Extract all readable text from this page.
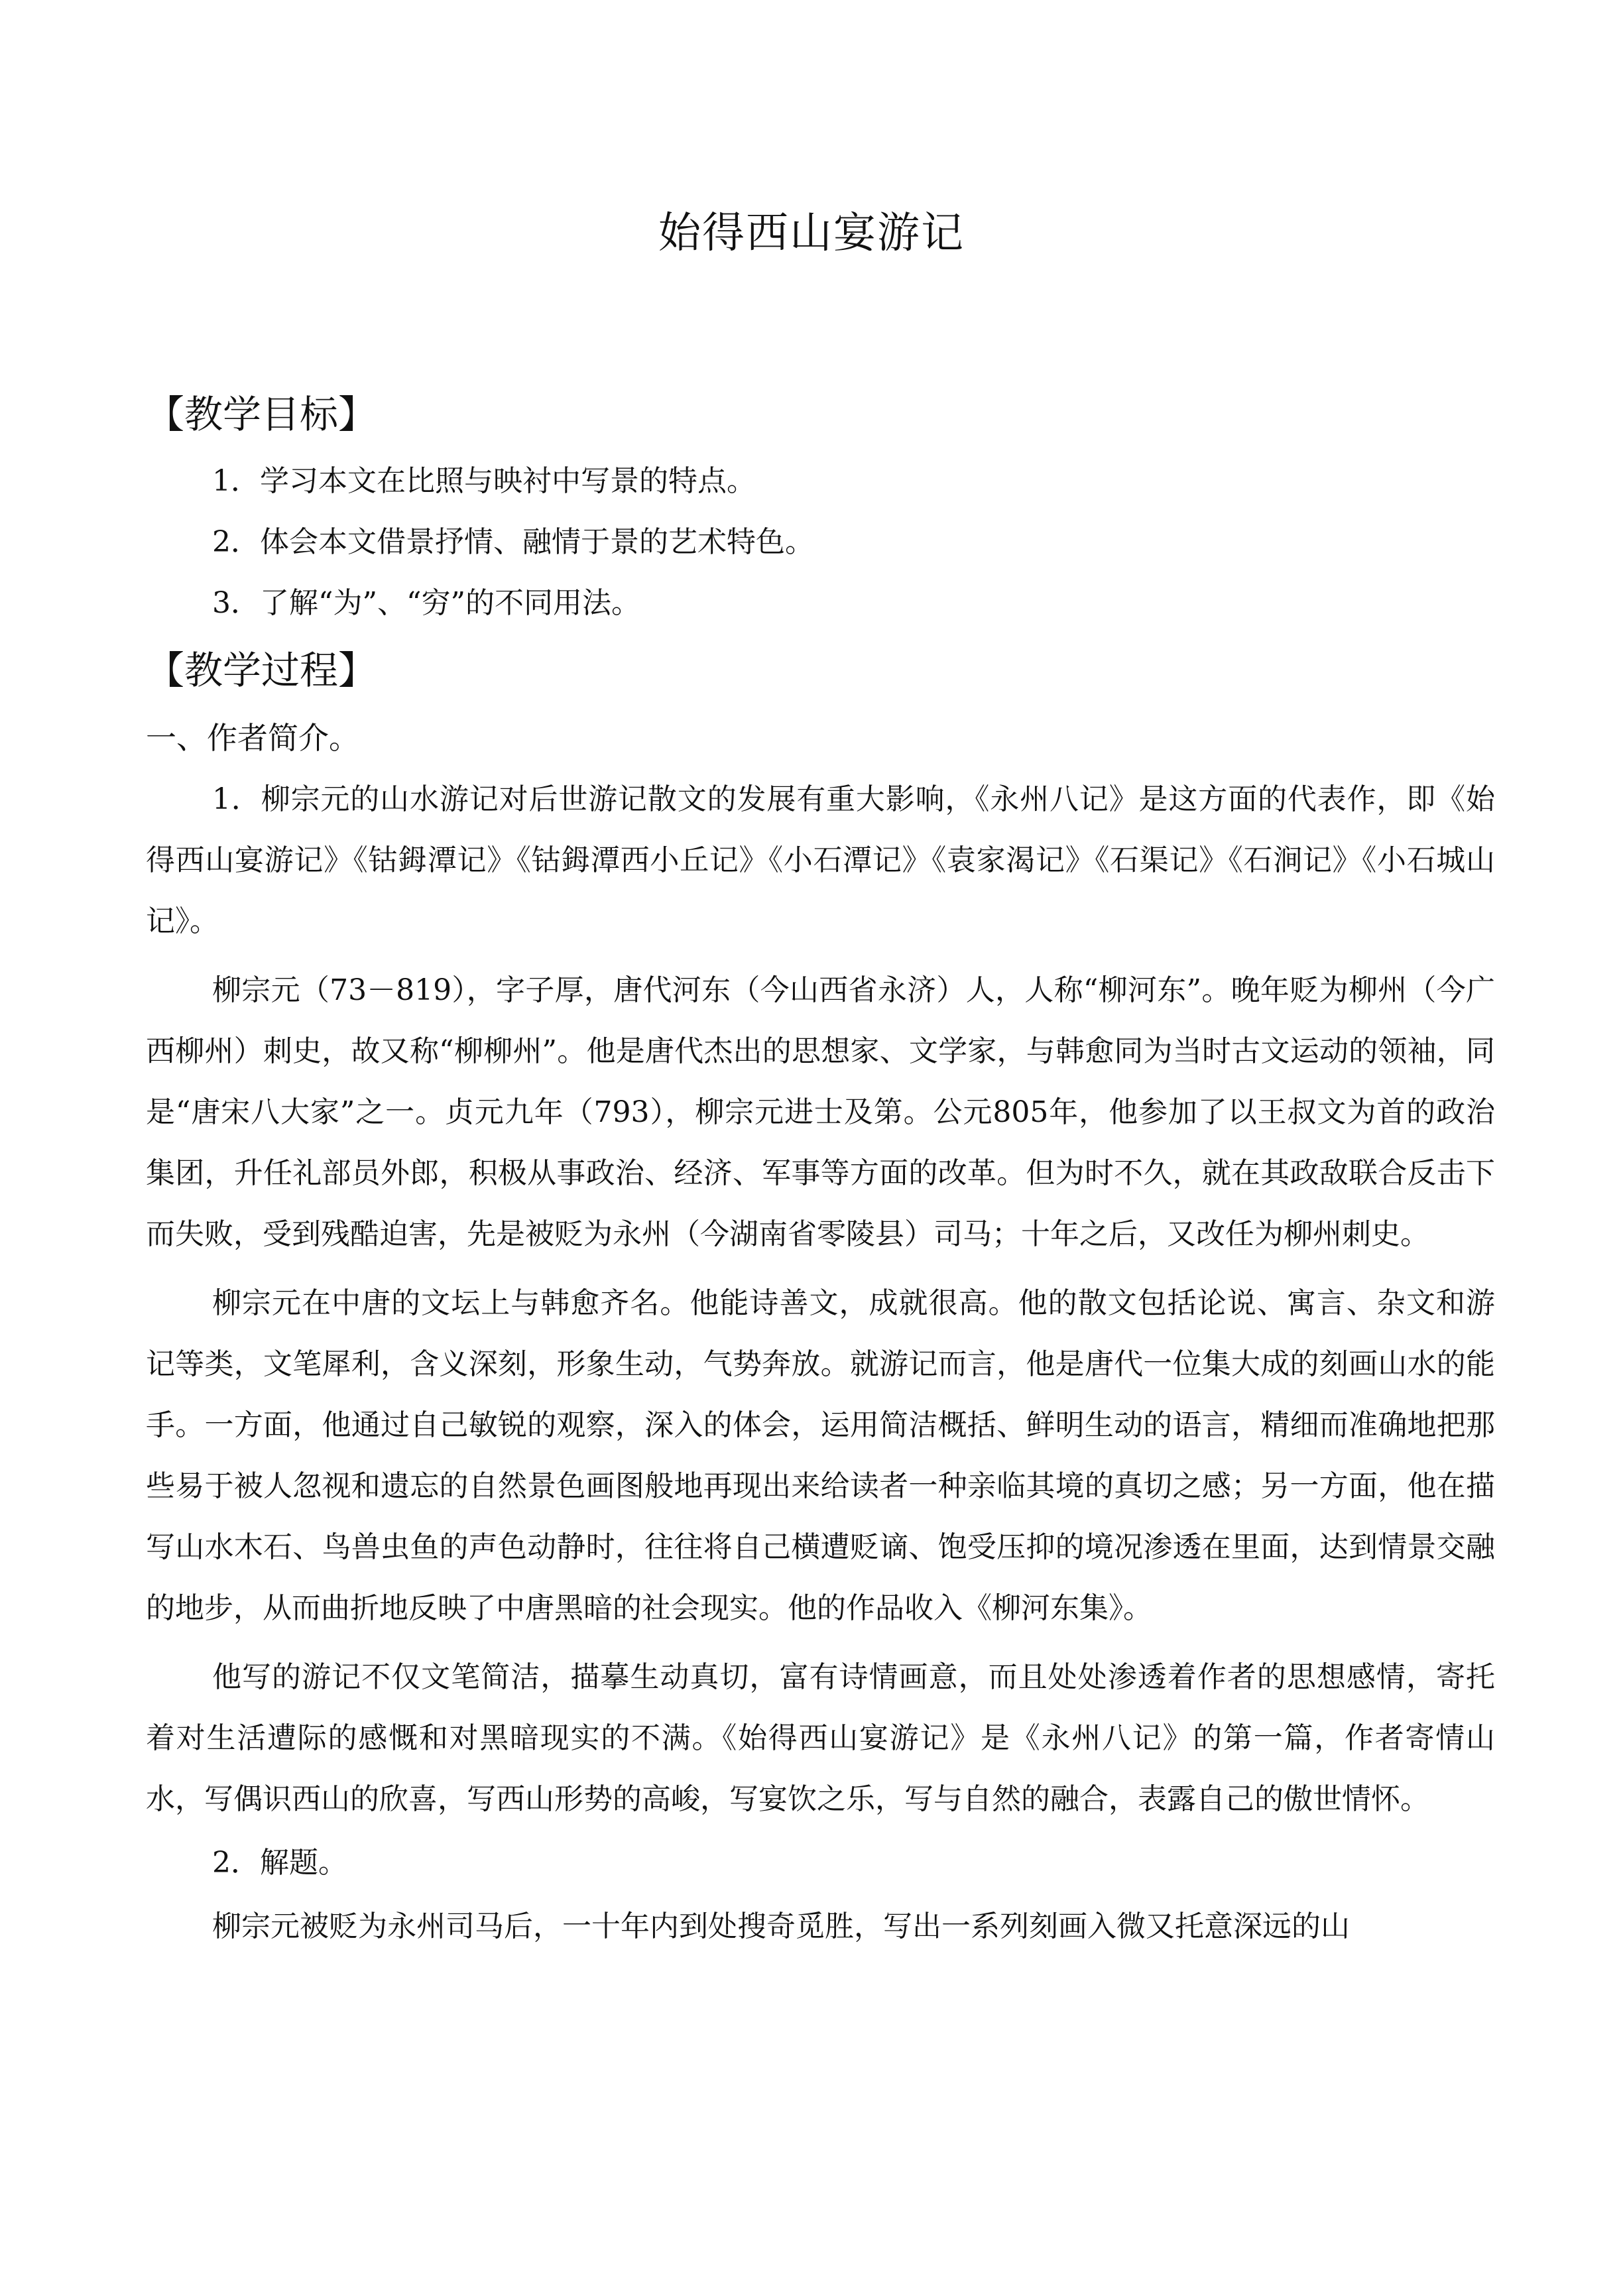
始得西山宴游记

【教学目标】

1．学习本文在比照与映衬中写景的特点。

2．体会本文借景抒情、融情于景的艺术特色。

3．了解“为”、“穷”的不同用法。

【教学过程】

一、作者简介。

1．柳宗元的山水游记对后世游记散文的发展有重大影响，《永州八记》是这方面的代表作，即《始得西山宴游记》《钴鉧潭记》《钴鉧潭西小丘记》《小石潭记》《袁家渴记》《石渠记》《石涧记》《小石城山记》。

柳宗元（73－819），字子厚，唐代河东（今山西省永济）人，人称“柳河东”。晚年贬为柳州（今广西柳州）刺史，故又称“柳柳州”。他是唐代杰出的思想家、文学家，与韩愈同为当时古文运动的领袖，同是“唐宋八大家”之一。贞元九年（793），柳宗元进士及第。公元805年，他参加了以王叔文为首的政治集团，升任礼部员外郎，积极从事政治、经济、军事等方面的改革。但为时不久，就在其政敌联合反击下而失败，受到残酷迫害，先是被贬为永州（今湖南省零陵县）司马；十年之后，又改任为柳州刺史。

柳宗元在中唐的文坛上与韩愈齐名。他能诗善文，成就很高。他的散文包括论说、寓言、杂文和游记等类，文笔犀利，含义深刻，形象生动，气势奔放。就游记而言，他是唐代一位集大成的刻画山水的能手。一方面，他通过自己敏锐的观察，深入的体会，运用简洁概括、鲜明生动的语言，精细而准确地把那些易于被人忽视和遗忘的自然景色画图般地再现出来给读者一种亲临其境的真切之感；另一方面，他在描写山水木石、鸟兽虫鱼的声色动静时，往往将自己横遭贬谪、饱受压抑的境况渗透在里面，达到情景交融的地步，从而曲折地反映了中唐黑暗的社会现实。他的作品收入《柳河东集》。

他写的游记不仅文笔简洁，描摹生动真切，富有诗情画意，而且处处渗透着作者的思想感情，寄托着对生活遭际的感慨和对黑暗现实的不满。《始得西山宴游记》是《永州八记》的第一篇，作者寄情山水，写偶识西山的欣喜，写西山形势的高峻，写宴饮之乐，写与自然的融合，表露自己的傲世情怀。

2．解题。

柳宗元被贬为永州司马后，一十年内到处搜奇觅胜，写出一系列刻画入微又托意深远的山
